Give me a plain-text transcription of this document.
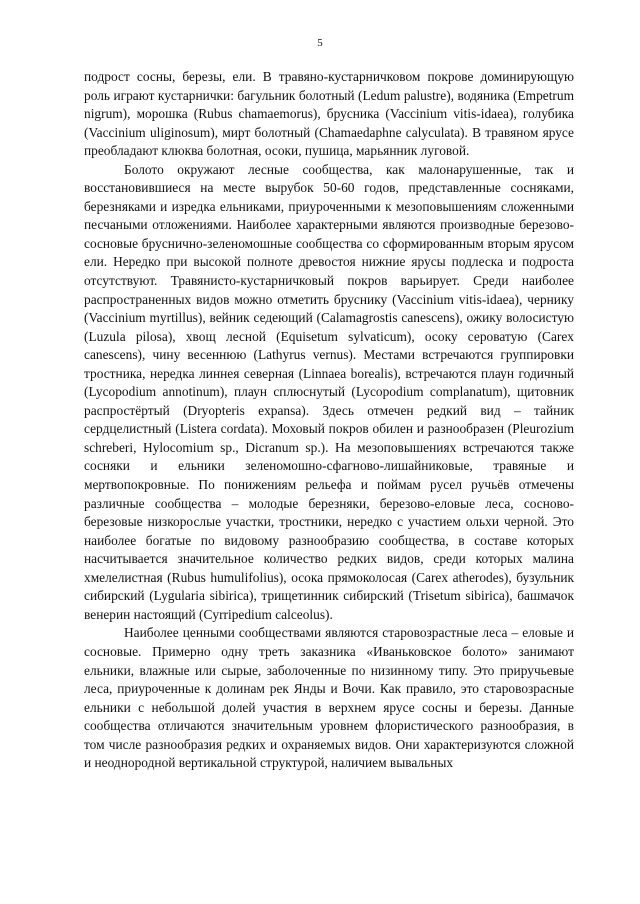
5

подрост сосны, березы, ели. В травяно-кустарничковом покрове доминирующую роль играют кустарнички: багульник болотный (Ledum palustre), водяника (Empetrum nigrum), морошка (Rubus chamaemorus), брусника (Vaccinium vitis-idaea), голубика (Vaccinium uliginosum), мирт болотный (Chamaedaphne calyculata). В травяном ярусе преобладают клюква болотная, осоки, пушица, марьянник луговой.

Болото окружают лесные сообщества, как малонарушенные, так и восстановившиеся на месте вырубок 50-60 годов, представленные сосняками, березняками и изредка ельниками, приуроченными к мезоповышениям сложенными песчаными отложениями. Наиболее характерными являются производные березово-сосновые бруснично-зеленомошные сообщества со сформированным вторым ярусом ели. Нередко при высокой полноте древостоя нижние ярусы подлеска и подроста отсутствуют. Травянисто-кустарничковый покров варьирует. Среди наиболее распространенных видов можно отметить бруснику (Vaccinium vitis-idaea), чернику (Vaccinium myrtillus), вейник седеющий (Calamagrostis canescens), ожику волосистую (Luzula pilosa), хвощ лесной (Equisetum sylvaticum), осоку сероватую (Carex canescens), чину весеннюю (Lathyrus vernus). Местами встречаются группировки тростника, нередка линнея северная (Linnaea borealis), встречаются плаун годичный (Lycopodium annotinum), плаун сплюснутый (Lycopodium complanatum), щитовник распростёртый (Dryopteris expansa). Здесь отмечен редкий вид – тайник сердцелистный (Listera cordata). Моховый покров обилен и разнообразен (Pleurozium schreberi, Hylocomium sp., Dicranum sp.). На мезоповышениях встречаются также сосняки и ельники зеленомошно-сфагново-лишайниковые, травяные и мертвопокровные. По понижениям рельефа и поймам русел ручьёв отмечены различные сообщества – молодые березняки, березово-еловые леса, сосново-березовые низкорослые участки, тростники, нередко с участием ольхи черной. Это наиболее богатые по видовому разнообразию сообщества, в составе которых насчитывается значительное количество редких видов, среди которых малина хмелелистная (Rubus humulifolius), осока прямоколосая (Carex atherodes), бузульник сибирский (Lygularia sibirica), трищетинник сибирский (Trisetum sibirica), башмачок венерин настоящий (Cyrripedium calceolus).

Наиболее ценными сообществами являются старовозрастные леса – еловые и сосновые. Примерно одну треть заказника «Иваньковское болото» занимают ельники, влажные или сырые, заболоченные по низинному типу. Это приручьевые леса, приуроченные к долинам рек Янды и Вочи. Как правило, это старовозрасные ельники с небольшой долей участия в верхнем ярусе сосны и березы. Данные сообщества отличаются значительным уровнем флористического разнообразия, в том числе разнообразия редких и охраняемых видов. Они характеризуются сложной и неоднородной вертикальной структурой, наличием вывальных
